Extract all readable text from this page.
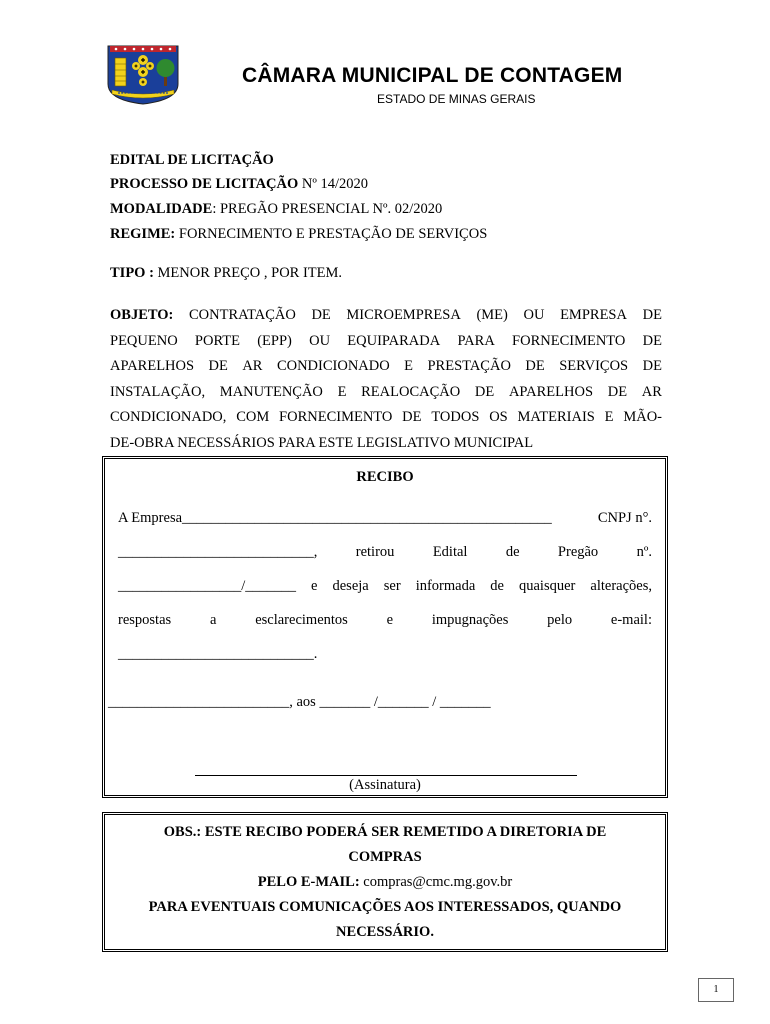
CÂMARA MUNICIPAL DE CONTAGEM
ESTADO DE MINAS GERAIS
EDITAL DE LICITAÇÃO
PROCESSO DE LICITAÇÃO Nº 14/2020
MODALIDADE: PREGÃO PRESENCIAL Nº. 02/2020
REGIME: FORNECIMENTO E PRESTAÇÃO DE SERVIÇOS
TIPO : MENOR PREÇO , POR ITEM.
OBJETO: CONTRATAÇÃO DE MICROEMPRESA (ME) OU EMPRESA DE
PEQUENO PORTE (EPP) OU EQUIPARADA PARA FORNECIMENTO DE
APARELHOS DE AR CONDICIONADO E PRESTAÇÃO DE SERVIÇOS DE
INSTALAÇÃO, MANUTENÇÃO E REALOCAÇÃO DE APARELHOS DE AR
CONDICIONADO, COM FORNECIMENTO DE TODOS OS MATERIAIS E MÃO-
DE-OBRA NECESSÁRIOS PARA ESTE LEGISLATIVO MUNICIPAL
RECIBO
A Empresa___________________________________________________	CNPJ n°.
___________________________,	retirou	Edital	de	Pregão	nº.
_________________/_______ e deseja ser informada de quaisquer alterações,
respostas	a	esclarecimentos	e	impugnações	pelo	e-mail:
___________________________.
_________________________, aos _______ /_______ / _______
(Assinatura)
OBS.: ESTE RECIBO PODERÁ SER REMETIDO A DIRETORIA DE
COMPRAS
PELO E-MAIL: compras@cmc.mg.gov.br
PARA EVENTUAIS COMUNICAÇÕES AOS INTERESSADOS, QUANDO
NECESSÁRIO.
1
